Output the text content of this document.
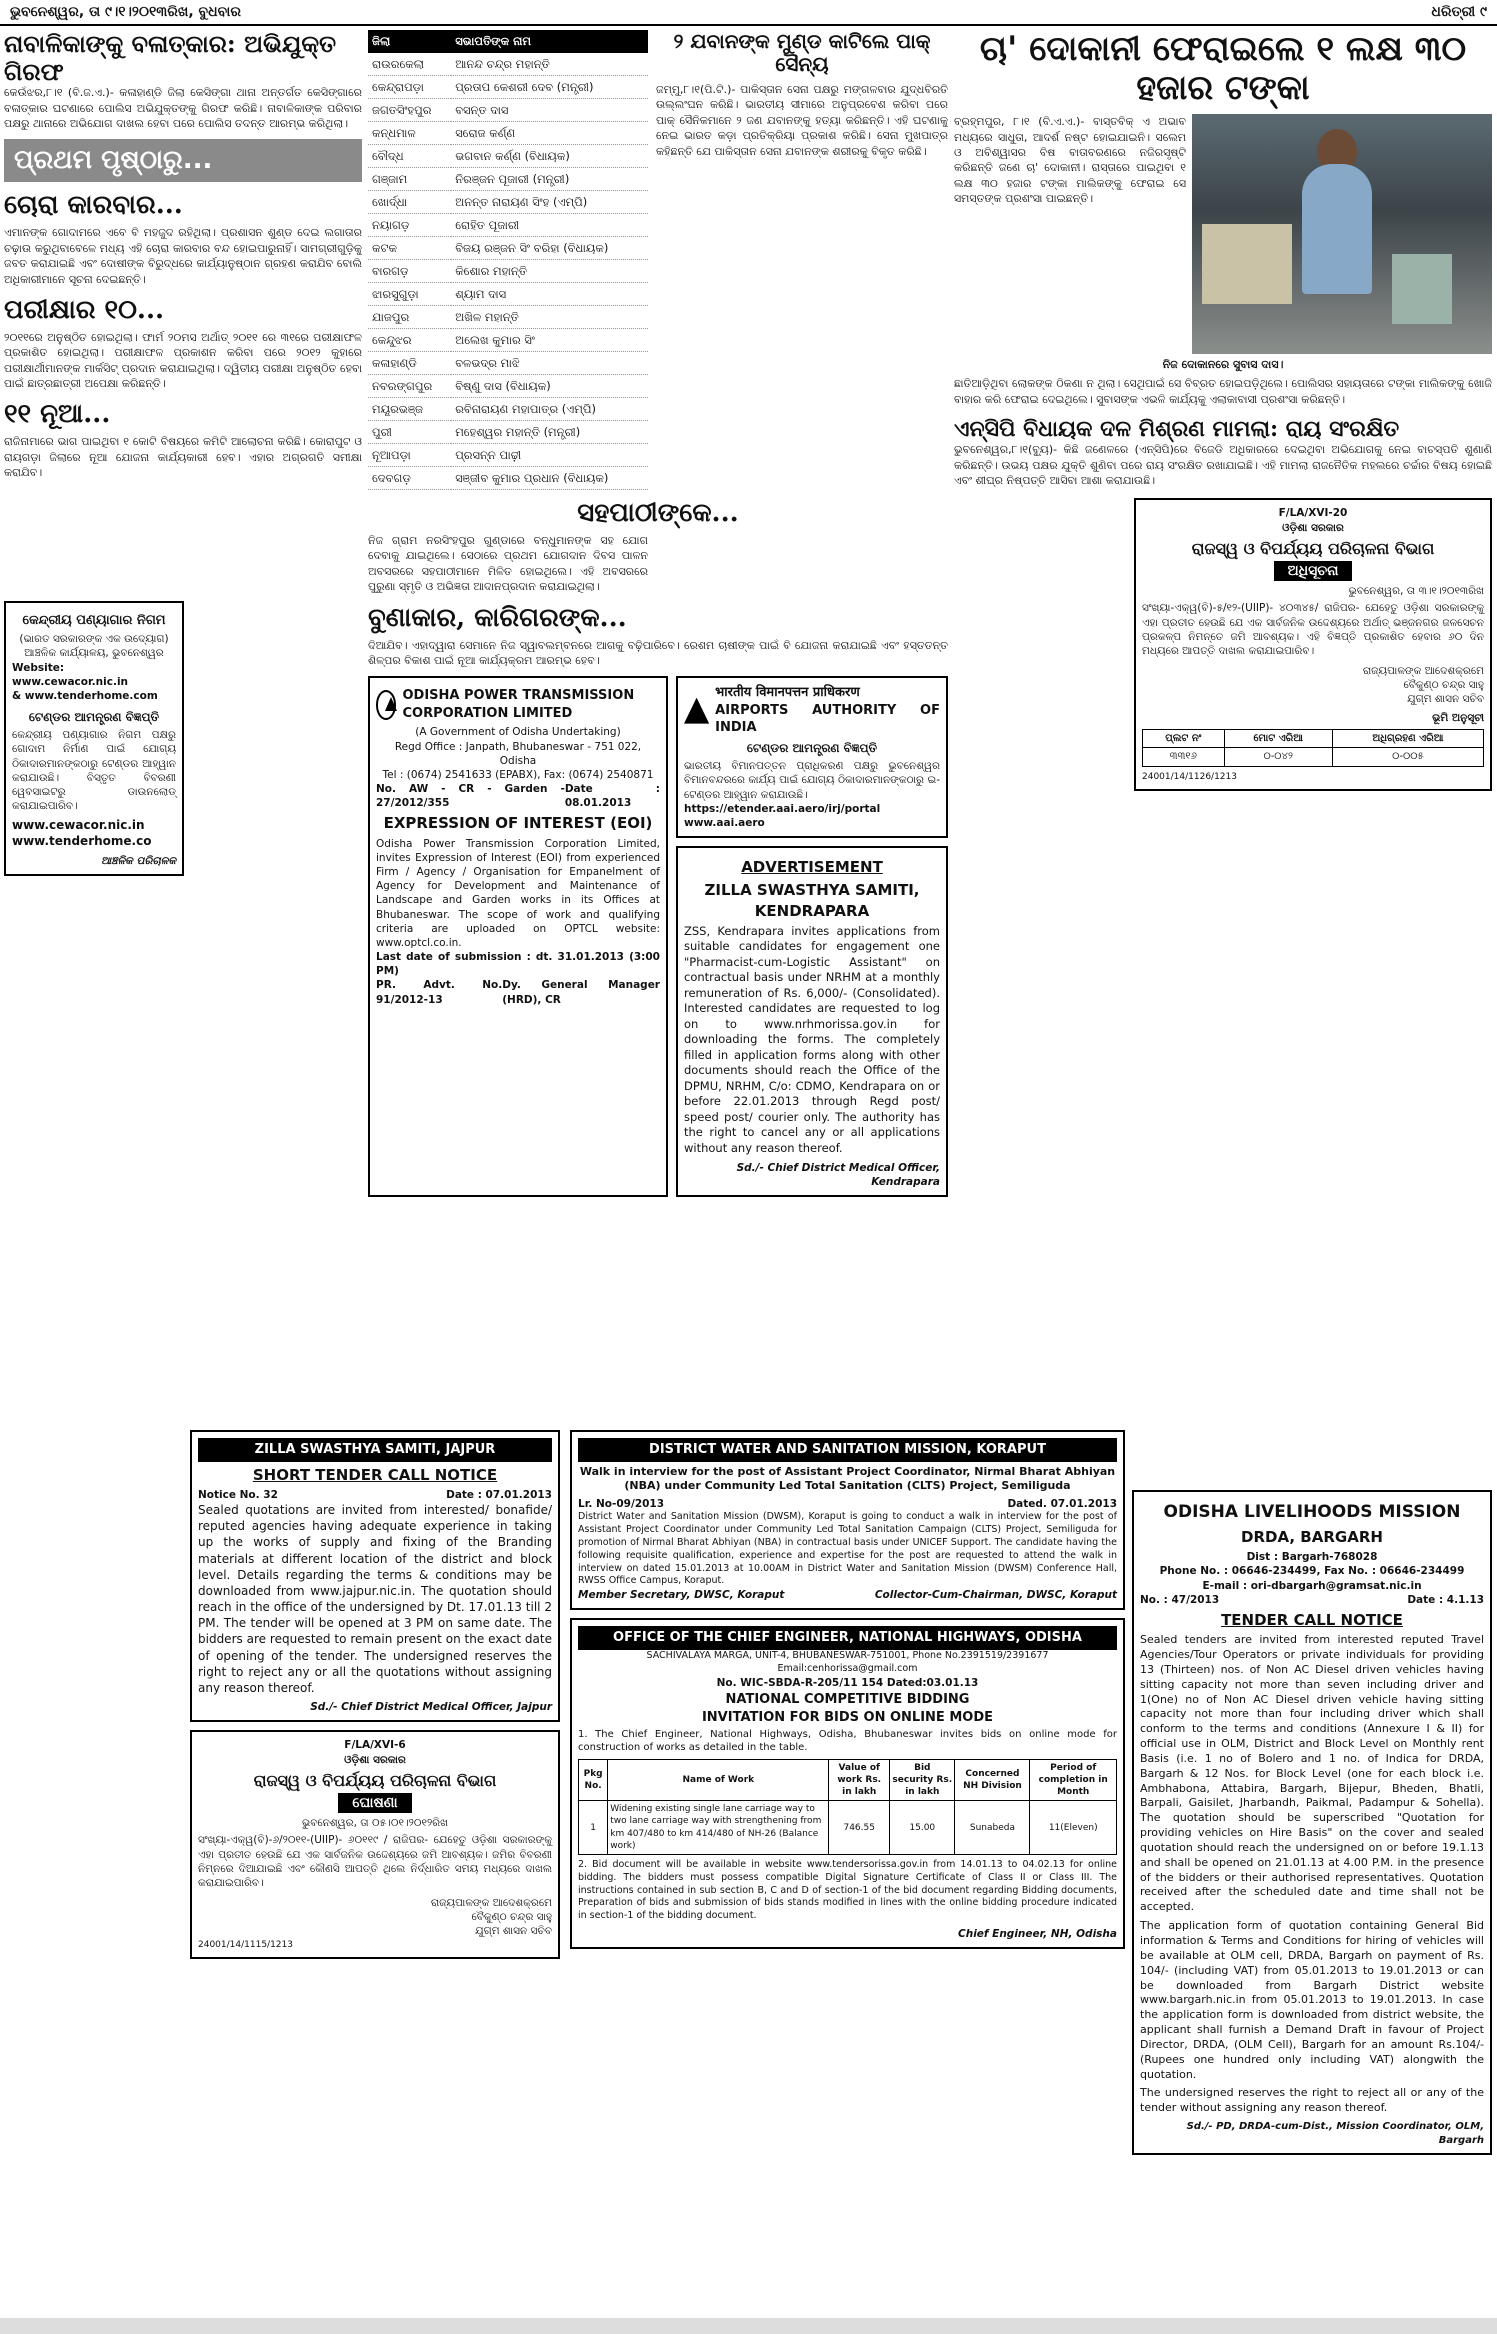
ଭୁବନେଶ୍ୱର, ତା ୯।୧।୨୦୧୩ରିଖ, ବୁଧବାର	ଧରିତ୍ରୀ ୯
ନାବାଳିକାଙ୍କୁ ବଳାତ୍କାର: ଅଭିଯୁକ୍ତ ଗିରଫ

କେଉଁଝର,୮।୧ (ବି.ଜ.ଏ.)- କଳାହାଣ୍ଡି ଜିଲା କେସିଙ୍ଗା ଥାନା ଅନ୍ତର୍ଗତ କେସିଙ୍ଗାରେ ବଳାତ୍କାର ଘଟଣାରେ ପୋଲିସ ଅଭିଯୁକ୍ତଙ୍କୁ ଗିରଫ କରିଛି। ନାବାଳିକାଙ୍କ ପରିବାର ପକ୍ଷରୁ ଥାନାରେ ଅଭିଯୋଗ ଦାଖଲ ହେବା ପରେ ପୋଲିସ ତଦନ୍ତ ଆରମ୍ଭ କରିଥିଲା।

ପ୍ରଥମ ପୃଷ୍ଠାରୁ...
ଚୋରା କାରବାର...

ଏମାନଙ୍କ ଗୋଦାମରେ ଏବେ ବି ମହଜୁଦ ରହିଥିଲା। ପ୍ରଶାସନ ଶୁଣ୍ଡ ଦେଇ ଲଗାତାର ଚଢ଼ାଉ କରୁଥିବାବେଳେ ମଧ୍ୟ ଏହି ଚୋରା କାରବାର ବନ୍ଦ ହୋଇପାରୁନାହିଁ। ସାମଗ୍ରୀଗୁଡ଼ିକୁ ଜବତ କରାଯାଇଛି ଏବଂ ଦୋଷୀଙ୍କ ବିରୁଦ୍ଧରେ କାର୍ଯ୍ୟାନୁଷ୍ଠାନ ଗ୍ରହଣ କରାଯିବ ବୋଲି ଅଧିକାରୀମାନେ ସୂଚନା ଦେଇଛନ୍ତି।

ପରୀକ୍ଷାର ୧୦...

୨୦୧୧ରେ ଅନୁଷ୍ଠିତ ହୋଇଥିଲା। ଫାର୍ମ ୨୦ମସ ଅର୍ଥାତ୍ ୨୦୧୧ ରେ ୩୧ରେ ପରୀକ୍ଷାଫଳ ପ୍ରକାଶିତ ହୋଇଥିଲା। ପରୀକ୍ଷାଫଳ ପ୍ରକାଶନ କରିବା ପରେ ୨୦୧୨ କୁହାରେ ପରୀକ୍ଷାର୍ଥୀମାନଙ୍କ ମାର୍କସିଟ୍ ପ୍ରଦାନ କରାଯାଇଥିଲା। ଦ୍ୱିତୀୟ ପରୀକ୍ଷା ଅନୁଷ୍ଠିତ ହେବା ପାଇଁ ଛାତ୍ରଛାତ୍ରୀ ଅପେକ୍ଷା କରିଛନ୍ତି।

୧୧ ନୂଆ...

ରାଜିନାମାରେ ଭାଗ ପାଇଥିବା ୧ କୋଟି ବିଷୟରେ କମିଟି ଆଲୋଚନା କରିଛି। କୋରାପୁଟ ଓ ରାୟଗଡ଼ା ଜିଲାରେ ନୂଆ ଯୋଜନା କାର୍ଯ୍ୟକାରୀ ହେବ। ଏହାର ଅଗ୍ରଗତି ସମୀକ୍ଷା କରାଯିବ।

କେନ୍ଦ୍ରୀୟ ପଣ୍ୟାଗାର ନିଗମ
(ଭାରତ ସରକାରଙ୍କ ଏକ ଉଦ୍ୟୋଗ)
ଆଞ୍ଚଳିକ କାର୍ଯ୍ୟାଳୟ, ଭୁବନେଶ୍ୱର
Website: www.cewacor.nic.in
& www.tenderhome.com
ଟେଣ୍ଡର ଆମନ୍ତ୍ରଣ ବିଜ୍ଞପ୍ତି

କେନ୍ଦ୍ରୀୟ ପଣ୍ୟାଗାର ନିଗମ ପକ୍ଷରୁ ଗୋଦାମ ନିର୍ମାଣ ପାଇଁ ଯୋଗ୍ୟ ଠିକାଦାରମାନଙ୍କଠାରୁ ଟେଣ୍ଡର ଆହ୍ୱାନ କରାଯାଉଛି। ବିସ୍ତୃତ ବିବରଣୀ ୱେବସାଇଟରୁ ଡାଉନଲୋଡ୍ କରାଯାଇପାରିବ।

www.cewacor.nic.in
www.tenderhome.co
ଆଞ୍ଚଳିକ ପରିଚାଳକ
ଜିଲା	ସଭାପତିଙ୍କ ନାମ
ରାଉରକେଲା	ଆନନ୍ଦ ଚନ୍ଦ୍ର ମହାନ୍ତି
କେନ୍ଦ୍ରାପଡ଼ା	ପ୍ରତାପ କେଶରୀ ଦେବ (ମନ୍ତ୍ରୀ)
ଜଗତସିଂହପୁର	ବସନ୍ତ ଦାସ
କନ୍ଧମାଳ	ସରୋଜ କର୍ଣ୍ଣ
ବୌଦ୍ଧ	ଭଗବାନ କର୍ଣ୍ଣ (ବିଧାୟକ)
ଗଞ୍ଜାମ	ନିରଞ୍ଜନ ପୂଜାରୀ (ମନ୍ତ୍ରୀ)
ଖୋର୍ଦ୍ଧା	ଅନନ୍ତ ନାରାୟଣ ସିଂହ (ଏମ୍‌ପି)
ନୟାଗଡ଼	ରୋହିତ ପୂଜାରୀ
କଟକ	ବିଜୟ ରଞ୍ଜନ ସିଂ ବରିହା (ବିଧାୟକ)
ବାରଗଡ଼	କିଶୋର ମହାନ୍ତି
ଝାରସୁଗୁଡ଼ା	ଶ୍ୟାମ ଦାସ
ଯାଜପୁର	ଅଖିଳ ମହାନ୍ତି
କେନ୍ଦୁଝର	ଅଲେଖ କୁମାର ସିଂ
କଳାହାଣ୍ଡି	ବଳଭଦ୍ର ମାଝି
ନବରଙ୍ଗପୁର	ବିଷ୍ଣୁ ଦାସ (ବିଧାୟକ)
ମୟୂରଭଞ୍ଜ	ରବିନାରାୟଣ ମହାପାତ୍ର (ଏମ୍‌ପି)
ପୁରୀ	ମହେଶ୍ୱର ମହାନ୍ତି (ମନ୍ତ୍ରୀ)
ନୂଆପଡ଼ା	ପ୍ରସନ୍ନ ପାଢ଼ୀ
ଦେବଗଡ଼	ସଞ୍ଜୀବ କୁମାର ପ୍ରଧାନ (ବିଧାୟକ)
୨ ଯବାନଙ୍କ ମୁଣ୍ଡ କାଟିଲେ ପାକ୍ ସୈନ୍ୟ

ଜମ୍ମୁ,୮।୧(ପି.ଟି.)- ପାକିସ୍ତାନ ସେନା ପକ୍ଷରୁ ମଙ୍ଗଳବାର ଯୁଦ୍ଧବିରତି ଉଲ୍ଲଂଘନ କରିଛି। ଭାରତୀୟ ସୀମାରେ ଅନୁପ୍ରବେଶ କରିବା ପରେ ପାକ୍ ସୈନିକମାନେ ୨ ଜଣ ଯବାନଙ୍କୁ ହତ୍ୟା କରିଛନ୍ତି। ଏହି ଘଟଣାକୁ ନେଇ ଭାରତ କଡ଼ା ପ୍ରତିକ୍ରିୟା ପ୍ରକାଶ କରିଛି। ସେନା ମୁଖପାତ୍ର କହିଛନ୍ତି ଯେ ପାକିସ୍ତାନ ସେନା ଯବାନଙ୍କ ଶରୀରକୁ ବିକୃତ କରିଛି।

ସହପାଠୀଙ୍କେ...

ନିଜ ଗ୍ରାମ ନରସିଂହପୁର ଗୁଣ୍ଡାରେ ବନ୍ଧୁମାନଙ୍କ ସହ ଯୋଗ ଦେବାକୁ ଯାଇଥିଲେ। ସେଠାରେ ପ୍ରଥମ ଯୋଗଦାନ ଦିବସ ପାଳନ ଅବସରରେ ସହପାଠୀମାନେ ମିଳିତ ହୋଇଥିଲେ। ଏହି ଅବସରରେ ପୁରୁଣା ସ୍ମୃତି ଓ ଅଭିଜ୍ଞତା ଆଦାନପ୍ରଦାନ କରାଯାଇଥିଲା।

ବୁଣାକାର, କାରିଗରଙ୍କ...

ଦିଆଯିବ। ଏହାଦ୍ୱାରା ସେମାନେ ନିଜ ସ୍ୱାବଲମ୍ବନରେ ଆଗକୁ ବଢ଼ିପାରିବେ। ରେଶମ ଚାଷୀଙ୍କ ପାଇଁ ବି ଯୋଜନା କରାଯାଇଛି ଏବଂ ହସ୍ତତନ୍ତ ଶିଳ୍ପର ବିକାଶ ପାଇଁ ନୂଆ କାର୍ଯ୍ୟକ୍ରମ ଆରମ୍ଭ ହେବ।

ODISHA POWER TRANSMISSION CORPORATION LIMITED
(A Government of Odisha Undertaking)
Regd Office : Janpath, Bhubaneswar - 751 022, Odisha
Tel : (0674) 2541633 (EPABX), Fax: (0674) 2540871
No. AW - CR - Garden - 27/2012/355
Date : 08.01.2013
EXPRESSION OF INTEREST (EOI)

Odisha Power Transmission Corporation Limited, invites Expression of Interest (EOI) from experienced Firm / Agency / Organisation for Empanelment of Agency for Development and Maintenance of Landscape and Garden works in its Offices at Bhubaneswar. The scope of work and qualifying criteria are uploaded on OPTCL website: www.optcl.co.in.

Last date of submission : dt. 31.01.2013 (3:00 PM)
PR. Advt. No. 91/2012-13
Dy. General Manager (HRD), CR
भारतीय विमानपत्तन प्राधिकरण
AIRPORTS AUTHORITY OF INDIA
ଟେଣ୍ଡର ଆମନ୍ତ୍ରଣ ବିଜ୍ଞପ୍ତି

ଭାରତୀୟ ବିମାନପତ୍ତନ ପ୍ରାଧିକରଣ ପକ୍ଷରୁ ଭୁବନେଶ୍ୱର ବିମାନବନ୍ଦରରେ କାର୍ଯ୍ୟ ପାଇଁ ଯୋଗ୍ୟ ଠିକାଦାରମାନଙ୍କଠାରୁ ଇ-ଟେଣ୍ଡର ଆହ୍ୱାନ କରାଯାଉଛି।

https://etender.aai.aero/irj/portal
www.aai.aero
ADVERTISEMENT
ZILLA SWASTHYA SAMITI, KENDRAPARA

ZSS, Kendrapara invites applications from suitable candidates for engagement one "Pharmacist-cum-Logistic Assistant" on contractual basis under NRHM at a monthly remuneration of Rs. 6,000/- (Consolidated). Interested candidates are requested to log on to www.nrhmorissa.gov.in for downloading the forms. The completely filled in application forms along with other documents should reach the Office of the DPMU, NRHM, C/o: CDMO, Kendrapara on or before 22.01.2013 through Regd post/ speed post/ courier only. The authority has the right to cancel any or all applications without any reason thereof.

Sd./- Chief District Medical Officer, Kendrapara
ZILLA SWASTHYA SAMITI, JAJPUR
SHORT TENDER CALL NOTICE
Notice No. 32	Date : 07.01.2013

Sealed quotations are invited from interested/ bonafide/ reputed agencies having adequate experience in taking up the works of supply and fixing of the Branding materials at different location of the district and block level. Details regarding the terms & conditions may be downloaded from www.jajpur.nic.in. The quotation should reach in the office of the undersigned by Dt. 17.01.13 till 2 PM. The tender will be opened at 3 PM on same date. The bidders are requested to remain present on the exact date of opening of the tender. The undersigned reserves the right to reject any or all the quotations without assigning any reason thereof.

Sd./- Chief District Medical Officer, Jajpur
F/LA/XVI-6
ଓଡ଼ିଶା ସରକାର
ରାଜସ୍ୱ ଓ ବିପର୍ଯ୍ୟୟ ପରିଚାଳନା ବିଭାଗ
ଘୋଷଣା
ଭୁବନେଶ୍ୱର, ତା ୦୫।୦୧।୨୦୧୨ରିଖ

ସଂଖ୍ୟା-ଏକ୍ୱ(ବି)-୬/୨୦୧୧-(UIIP)- ୬୦୧୧୯ / ରାଜିପର- ଯେହେତୁ ଓଡ଼ିଶା ସରକାରଙ୍କୁ ଏହା ପ୍ରତୀତ ହେଉଛି ଯେ ଏକ ସାର୍ବଜନିକ ଉଦ୍ଦେଶ୍ୟରେ ଜମି ଆବଶ୍ୟକ। ଜମିର ବିବରଣୀ ନିମ୍ନରେ ଦିଆଯାଇଛି ଏବଂ କୌଣସି ଆପତ୍ତି ଥିଲେ ନିର୍ଦ୍ଧାରିତ ସମୟ ମଧ୍ୟରେ ଦାଖଲ କରାଯାଇପାରିବ।

ରାଜ୍ୟପାଳଙ୍କ ଆଦେଶକ୍ରମେ
ବୈକୁଣ୍ଠ ଚନ୍ଦ୍ର ସାହୁ
ଯୁଗ୍ମ ଶାସନ ସଚିବ
24001/14/1115/1213
DISTRICT WATER AND SANITATION MISSION, KORAPUT
Walk in interview for the post of Assistant Project Coordinator, Nirmal Bharat Abhiyan (NBA) under Community Led Total Sanitation (CLTS) Project, Semiliguda
Lr. No-09/2013	Dated. 07.01.2013

District Water and Sanitation Mission (DWSM), Koraput is going to conduct a walk in interview for the post of Assistant Project Coordinator under Community Led Total Sanitation Campaign (CLTS) Project, Semiliguda for promotion of Nirmal Bharat Abhiyan (NBA) in contractual basis under UNICEF Support. The candidate having the following requisite qualification, experience and expertise for the post are requested to attend the walk in interview on dated 15.01.2013 at 10.00AM in District Water and Sanitation Mission (DWSM) Conference Hall, RWSS Office Campus, Koraput.

Member Secretary, DWSC, Koraput	Collector-Cum-Chairman, DWSC, Koraput
OFFICE OF THE CHIEF ENGINEER, NATIONAL HIGHWAYS, ODISHA
SACHIVALAYA MARGA, UNIT-4, BHUBANESWAR-751001, Phone No.2391519/2391677 Email:cenhorissa@gmail.com
No. WIC-SBDA-R-205/11 154 Dated:03.01.13
NATIONAL COMPETITIVE BIDDING
INVITATION FOR BIDS ON ONLINE MODE

1. The Chief Engineer, National Highways, Odisha, Bhubaneswar invites bids on online mode for construction of works as detailed in the table.

Pkg No.	Name of Work	Value of work Rs. in lakh	Bid security Rs. in lakh	Concerned NH Division	Period of completion in Month
1	Widening existing single lane carriage way to two lane carriage way with strengthening from km 407/480 to km 414/480 of NH-26 (Balance work)	746.55	15.00	Sunabeda	11(Eleven)

2. Bid document will be available in website www.tendersorissa.gov.in from 14.01.13 to 04.02.13 for online bidding. The bidders must possess compatible Digital Signature Certificate of Class II or Class III. The instructions contained in sub section B, C and D of section-1 of the bid document regarding Bidding documents, Preparation of bids and submission of bids stands modified in lines with the online bidding procedure indicated in section-1 of the bidding document.

Chief Engineer, NH, Odisha
ଚା' ଦୋକାନୀ ଫେରାଇଲେ ୧ ଲକ୍ଷ ୩୦ ହଜାର ଟଙ୍କା

ବ୍ରହ୍ମପୁର, ୮।୧ (ବି.ଏ.ଏ.)- ବାସ୍ତବିକ୍ ଏ ଅଭାବ ମଧ୍ୟରେ ସାଧୁତା, ଆଦର୍ଶ ନଷ୍ଟ ହୋଇଯାଇନି। ସଲେମ ଓ ଅବିଶ୍ୱାସର ବିଷ ବାତାବରଣରେ ନଜିରସୃଷ୍ଟି କରିଛନ୍ତି ଜଣେ ଚା' ଦୋକାନୀ। ରାସ୍ତାରେ ପାଇଥିବା ୧ ଲକ୍ଷ ୩୦ ହଜାର ଟଙ୍କା ମାଲିକଙ୍କୁ ଫେରାଇ ସେ ସମସ୍ତଙ୍କ ପ୍ରଶଂସା ପାଇଛନ୍ତି।

ନିଜ ଦୋକାନରେ ସୁବାସ ଦାସ।

ଛାତିଆଡ଼ିଥିବା ଲୋକଙ୍କ ଠିକଣା ନ ଥିଲା। ସେଥିପାଇଁ ସେ ବିବ୍ରତ ହୋଇପଡ଼ିଥିଲେ। ପୋଲିସର ସହାୟତାରେ ଟଙ୍କା ମାଲିକଙ୍କୁ ଖୋଜି ବାହାର କରି ଫେରାଇ ଦେଇଥିଲେ। ସୁବାସଙ୍କ ଏଭଳି କାର୍ଯ୍ୟକୁ ଏଲାକାବାସୀ ପ୍ରଶଂସା କରିଛନ୍ତି।

ଏନ୍‌ସିପି ବିଧାୟକ ଦଳ ମିଶ୍ରଣ ମାମଲା: ରାୟ ସଂରକ୍ଷିତ

ଭୁବନେଶ୍ୱର,୮।୧(ବ୍ୟୁ)- କିଛି ଜଣେଳରେ (ଏନ୍‌ସିପି)ରେ ବିଜେଡି ଅଧିକାରରେ ଦେଇଥିବା ଅଭିଯୋଗକୁ ନେଇ ବାଚସ୍ପତି ଶୁଣାଣି କରିଛନ୍ତି। ଉଭୟ ପକ୍ଷର ଯୁକ୍ତି ଶୁଣିବା ପରେ ରାୟ ସଂରକ୍ଷିତ ରଖାଯାଇଛି। ଏହି ମାମଲା ରାଜନୈତିକ ମହଲରେ ଚର୍ଚ୍ଚାର ବିଷୟ ହୋଇଛି ଏବଂ ଶୀଘ୍ର ନିଷ୍ପତ୍ତି ଆସିବା ଆଶା କରାଯାଉଛି।

F/LA/XVI-20
ଓଡ଼ିଶା ସରକାର
ରାଜସ୍ୱ ଓ ବିପର୍ଯ୍ୟୟ ପରିଚାଳନା ବିଭାଗ
ଅଧିସୂଚନା
ଭୁବନେଶ୍ୱର, ତା ୩।୧।୨୦୧୩ରିଖ

ସଂଖ୍ୟା-ଏକ୍ୱ(ବି)-୫/୧୨-(UIIP)- ୪୦୩୪୫/ ରାଜିପର- ଯେହେତୁ ଓଡ଼ିଶା ସରକାରଙ୍କୁ ଏହା ପ୍ରତୀତ ହେଉଛି ଯେ ଏକ ସାର୍ବଜନିକ ଉଦ୍ଦେଶ୍ୟରେ ଅର୍ଥାତ୍ ଭଞ୍ଜନଗର ଜଳସେଚନ ପ୍ରକଳ୍ପ ନିମନ୍ତେ ଜମି ଆବଶ୍ୟକ। ଏହି ବିଜ୍ଞପ୍ତି ପ୍ରକାଶିତ ହେବାର ୬୦ ଦିନ ମଧ୍ୟରେ ଆପତ୍ତି ଦାଖଲ କରାଯାଇପାରିବ।

ରାଜ୍ୟପାଳଙ୍କ ଆଦେଶକ୍ରମେ
ବୈକୁଣ୍ଠ ଚନ୍ଦ୍ର ସାହୁ
ଯୁଗ୍ମ ଶାସନ ସଚିବ
ଭୂମି ଅନୁସୂଚୀ
ପ୍ଲଟ ନଂ	ମୋଟ ଏରିଆ	ଅଧିଗ୍ରହଣ ଏରିଆ
୩୩୧୬	୦-୦୪୨	୦-୦୦୫
24001/14/1126/1213
ODISHA LIVELIHOODS MISSION
DRDA, BARGARH
Dist : Bargarh-768028
Phone No. : 06646-234499, Fax No. : 06646-234499
E-mail : ori-dbargarh@gramsat.nic.in
No. : 47/2013	Date : 4.1.13
TENDER CALL NOTICE

Sealed tenders are invited from interested reputed Travel Agencies/Tour Operators or private individuals for providing 13 (Thirteen) nos. of Non AC Diesel driven vehicles having sitting capacity not more than seven including driver and 1(One) no of Non AC Diesel driven vehicle having sitting capacity not more than four including driver which shall conform to the terms and conditions (Annexure I & II) for official use in OLM, District and Block Level on Monthly rent Basis (i.e. 1 no of Bolero and 1 no. of Indica for DRDA, Bargarh & 12 Nos. for Block Level (one for each block i.e. Ambhabona, Attabira, Bargarh, Bijepur, Bheden, Bhatli, Barpali, Gaisilet, Jharbandh, Paikmal, Padampur & Sohella). The quotation should be superscribed "Quotation for providing vehicles on Hire Basis" on the cover and sealed quotation should reach the undersigned on or before 19.1.13 and shall be opened on 21.01.13 at 4.00 P.M. in the presence of the bidders or their authorised representatives. Quotation received after the scheduled date and time shall not be accepted.

The application form of quotation containing General Bid information & Terms and Conditions for hiring of vehicles will be available at OLM cell, DRDA, Bargarh on payment of Rs. 104/- (including VAT) from 05.01.2013 to 19.01.2013 or can be downloaded from Bargarh District website www.bargarh.nic.in from 05.01.2013 to 19.01.2013. In case the application form is downloaded from district website, the applicant shall furnish a Demand Draft in favour of Project Director, DRDA, (OLM Cell), Bargarh for an amount Rs.104/- (Rupees one hundred only including VAT) alongwith the quotation.

The undersigned reserves the right to reject all or any of the tender without assigning any reason thereof.

Sd./- PD, DRDA-cum-Dist., Mission Coordinator, OLM, Bargarh
